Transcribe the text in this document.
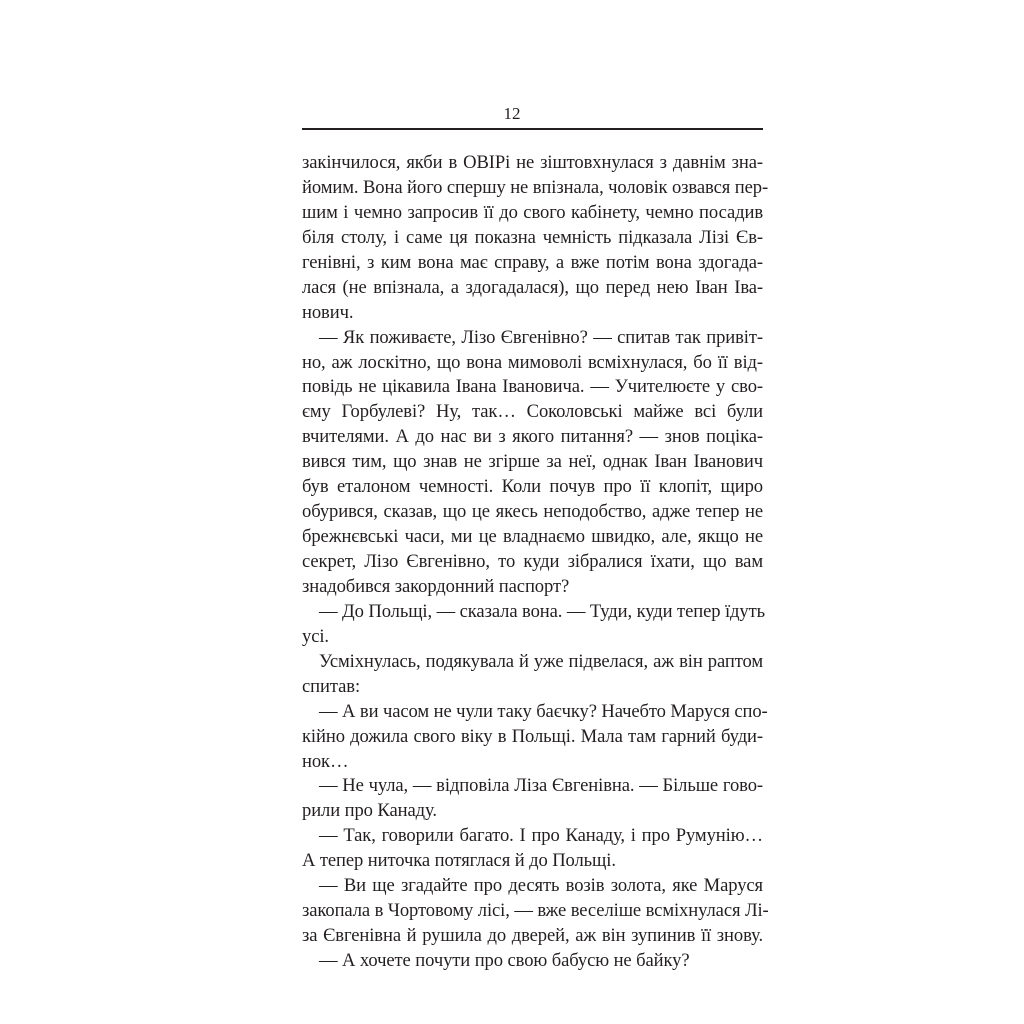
12
закінчилося, якби в ОВІРі не зіштовхнулася з давнім зна-
йомим. Вона його спершу не впізнала, чоловік озвався пер-
шим і чемно запросив її до свого кабінету, чемно посадив
біля столу, і саме ця показна чемність підказала Лізі Єв-
генівні, з ким вона має справу, а вже потім вона здогада-
лася (не впізнала, а здогадалася), що перед нею Іван Іва-
нович.
— Як поживаєте, Лізо Євгенівно? — спитав так привіт-
но, аж лоскітно, що вона мимоволі всміхнулася, бо її від-
повідь не цікавила Івана Івановича. — Учителюєте у сво-
єму Горбулеві? Ну, так… Соколовські майже всі були
вчителями. А до нас ви з якого питання? — знов поціка-
вився тим, що знав не згірше за неї, однак Іван Іванович
був еталоном чемності. Коли почув про її клопіт, щиро
обурився, сказав, що це якесь неподобство, адже тепер не
брежнєвські часи, ми це владнаємо швидко, але, якщо не
секрет, Лізо Євгенівно, то куди зібралися їхати, що вам
знадобився закордонний паспорт?
— До Польщі, — сказала вона. — Туди, куди тепер їдуть
усі.
Усміхнулась, подякувала й уже підвелася, аж він раптом
спитав:
— А ви часом не чули таку баєчку? Начебто Маруся спо-
кійно дожила свого віку в Польщі. Мала там гарний буди-
нок…
— Не чула, — відповіла Ліза Євгенівна. — Більше гово-
рили про Канаду.
— Так, говорили багато. І про Канаду, і про Румунію…
А тепер ниточка потяглася й до Польщі.
— Ви ще згадайте про десять возів золота, яке Маруся
закопала в Чортовому лісі, — вже веселіше всміхнулася Лі-
за Євгенівна й рушила до дверей, аж він зупинив її знову.
— А хочете почути про свою бабусю не байку?
